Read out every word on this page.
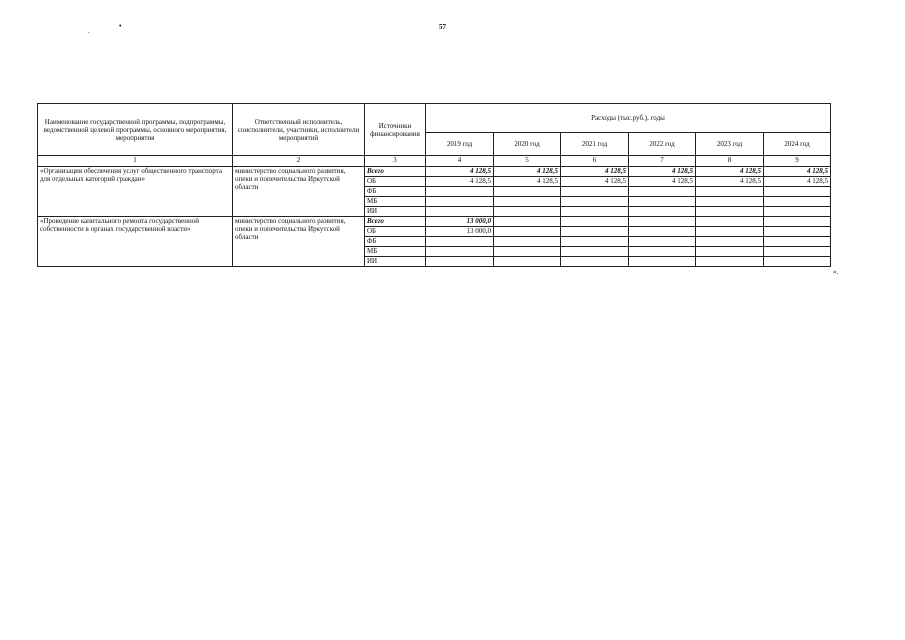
57
.
•
Наименование государственной программы, подпрограммы, ведомственной целевой программы, основного мероприятия, мероприятия	Ответственный исполнитель, соисполнители, участники, исполнители мероприятий	Источники финансирования	Расходы (тыс.руб.), годы					
			2019 год	2020 год	2021 год	2022 год	2023 год	2024 год
1	2	3	4	5	6	7	8	9
«Организация обеспечения услуг общественного транспорта для отдельных категорий граждан»	министерство социального развития, опеки и попечительства Иркутской области	Всего	4 128,5	4 128,5	4 128,5	4 128,5	4 128,5	4 128,5
		ОБ	4 128,5	4 128,5	4 128,5	4 128,5	4 128,5	4 128,5
		ФБ						
		МБ						
		ИИ						
«Проведение капитального ремонта государственной собственности в органах государственной власти»	министерство социального развития, опеки и попечительства Иркутской области	Всего	13 000,0					
		ОБ	13 000,0					
		ФБ						
		МБ						
		ИИ						
».
